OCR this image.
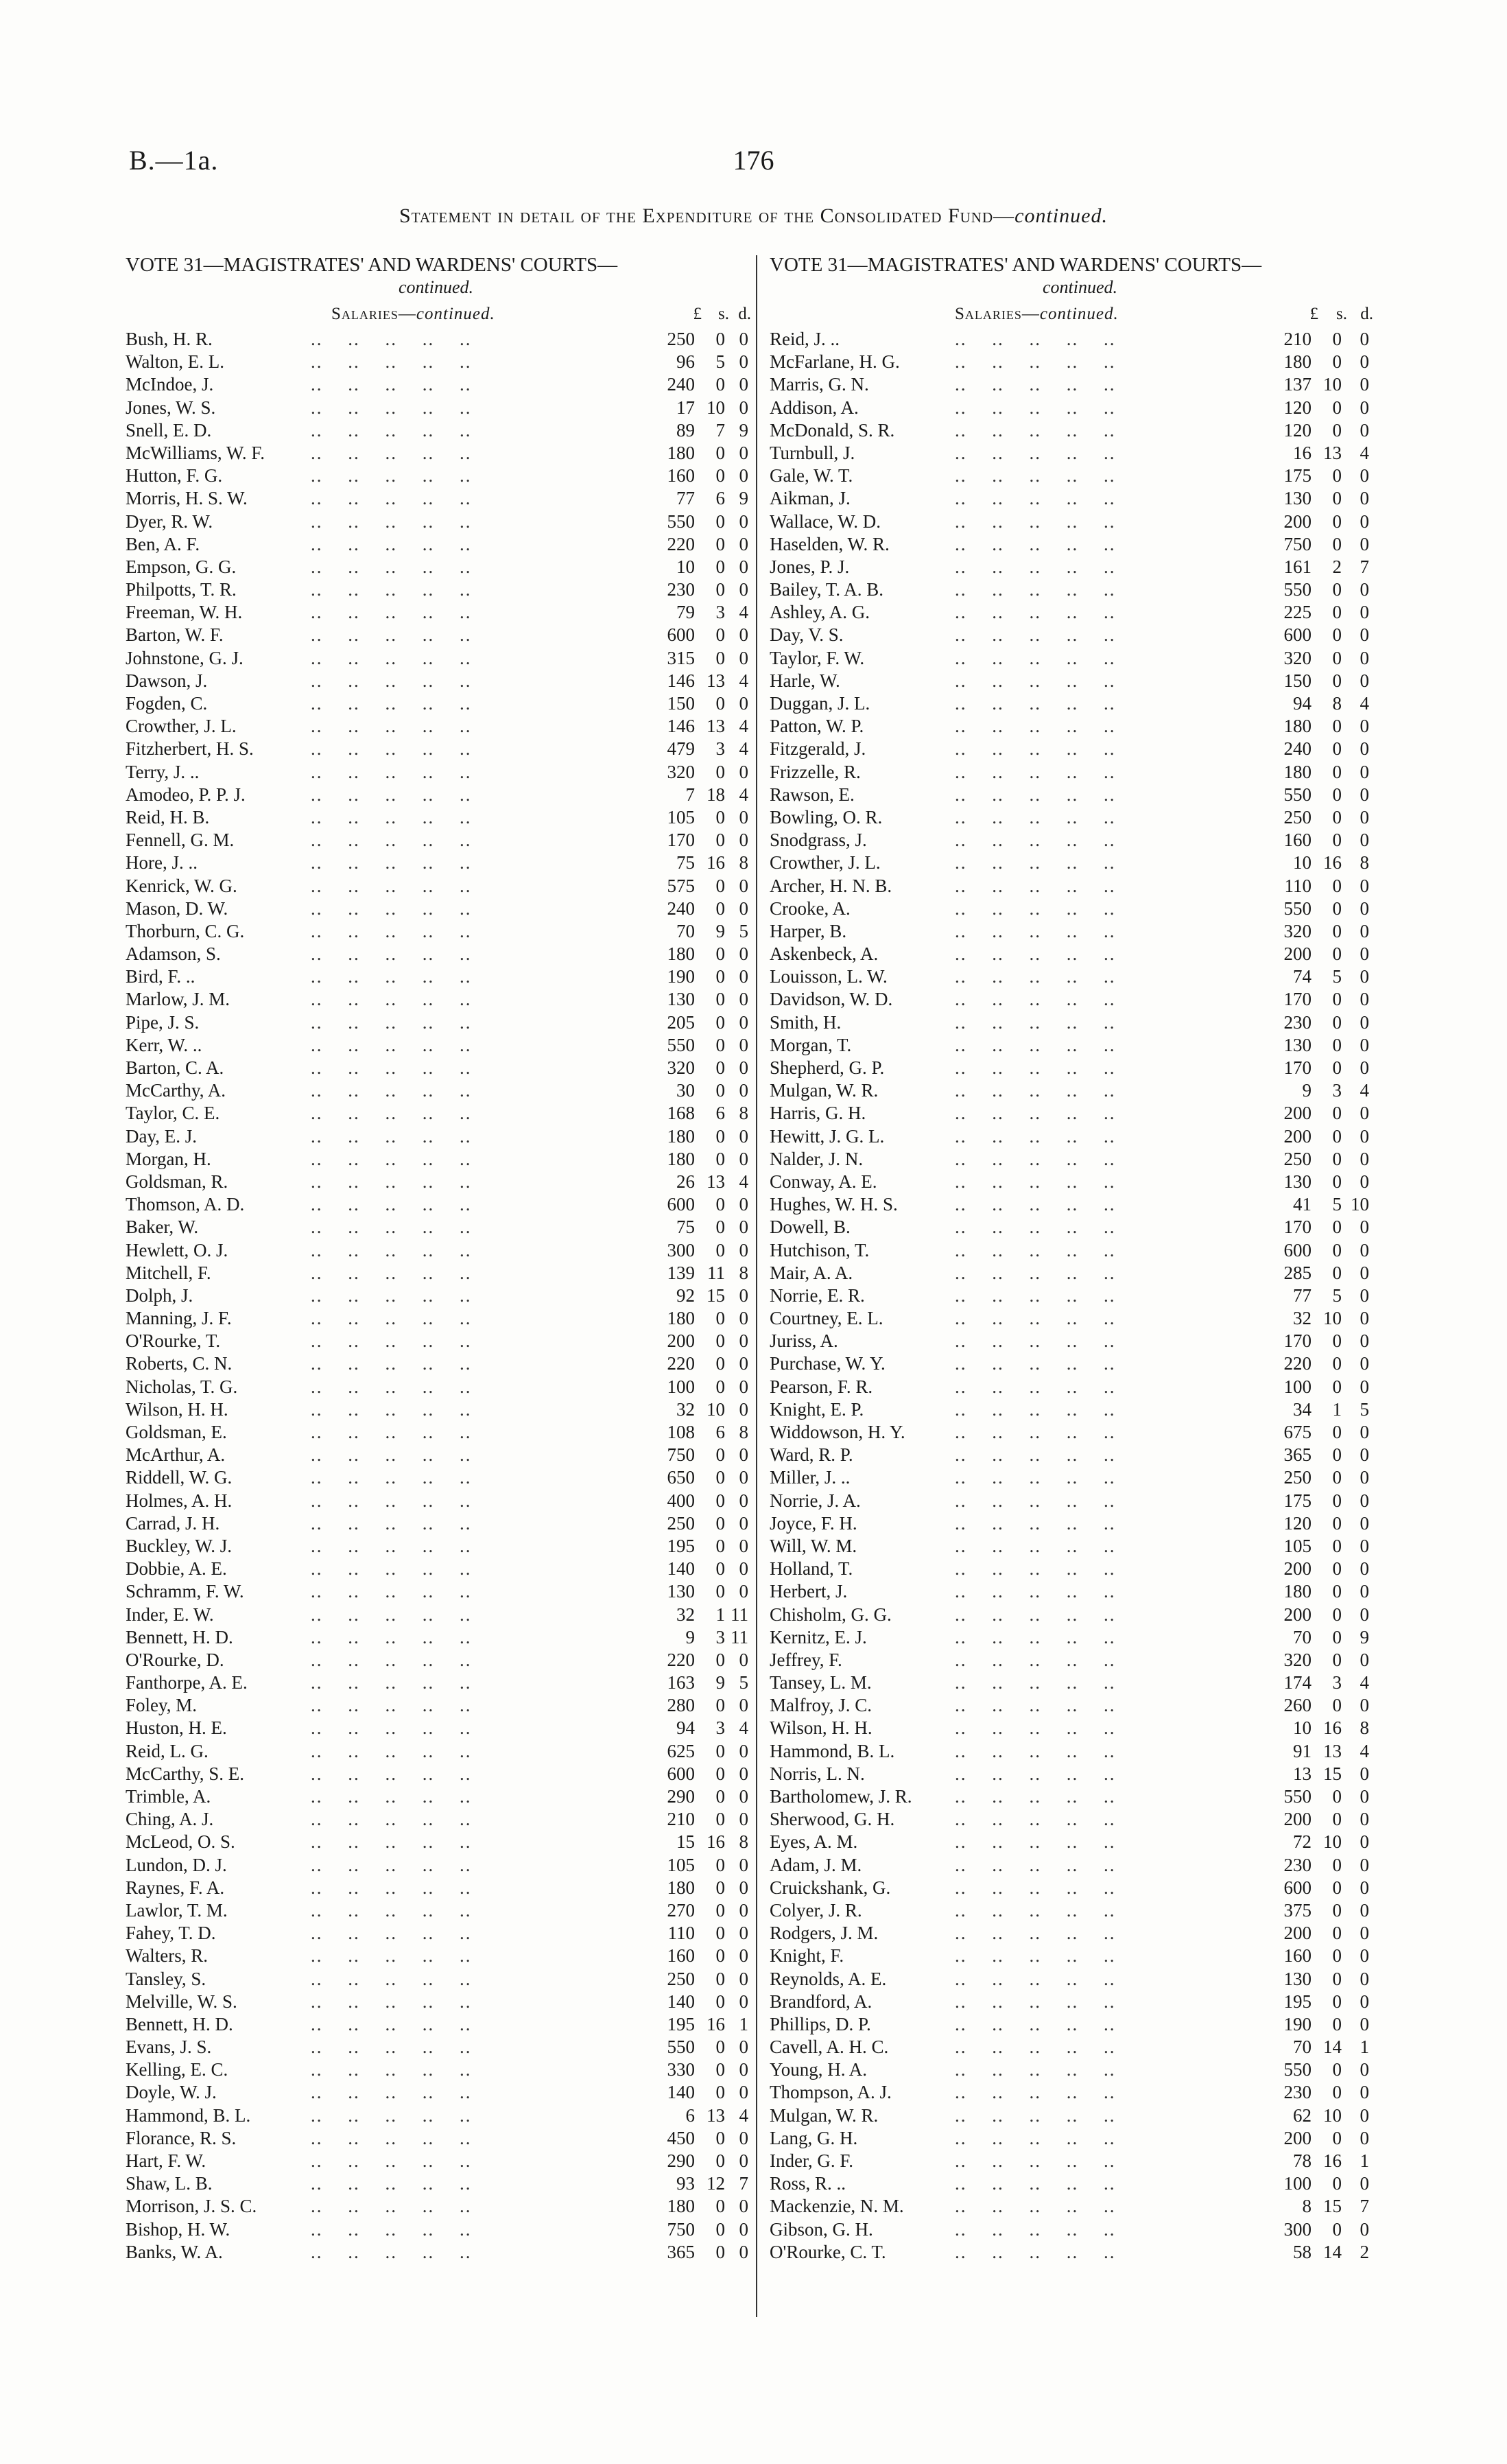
B.—1a.	176
Statement in detail of the Expenditure of the Consolidated Fund—continued.
VOTE 31—MAGISTRATES' AND WARDENS' COURTS—
continued.
Salaries—continued.	£ s. d.
Bush, H. R.	250	0 0
.. .. .. .. ..
Walton, E. L.	96	5 0
.. .. .. .. ..
McIndoe, J.	240	0 0
.. .. .. .. ..
Jones, W. S.	17 10 0
.. .. .. .. ..
Snell, E. D.	89	7 9
.. .. .. .. ..
McWilliams, W. F.	180	0 0
.. .. .. .. ..
Hutton, F. G.	160	0 0
.. .. .. .. ..
Morris, H. S. W.	77	6 9
.. .. .. .. ..
Dyer, R. W.	550	0 0
.. .. .. .. ..
Ben, A. F.	220	0 0
.. .. .. .. ..
Empson, G. G.	10	0 0
.. .. .. .. ..
Philpotts, T. R.	230	0 0
.. .. .. .. ..
Freeman, W. H.	79	3 4
.. .. .. .. ..
Barton, W. F.	600	0 0
.. .. .. .. ..
Johnstone, G. J.	315	0 0
.. .. .. .. ..
Dawson, J.	146 13 4
.. .. .. .. ..
Fogden, C.	150	0 0
.. .. .. .. ..
Crowther, J. L.	146 13 4
.. .. .. .. ..
Fitzherbert, H. S.	479	3 4
.. .. .. .. ..
Terry, J. ..	320	0 0
.. .. .. .. ..
Amodeo, P. P. J.	7 18 4
.. .. .. .. ..
Reid, H. B.	105	0 0
.. .. .. .. ..
Fennell, G. M.	170	0 0
.. .. .. .. ..
Hore, J. ..	75 16 8
.. .. .. .. ..
Kenrick, W. G.	575	0 0
.. .. .. .. ..
Mason, D. W.	240	0 0
.. .. .. .. ..
Thorburn, C. G.	70	9 5
.. .. .. .. ..
Adamson, S.	180	0 0
.. .. .. .. ..
Bird, F. ..	190	0 0
.. .. .. .. ..
Marlow, J. M.	130	0 0
.. .. .. .. ..
Pipe, J. S.	205	0 0
.. .. .. .. ..
Kerr, W. ..	550	0 0
.. .. .. .. ..
Barton, C. A.	320	0 0
.. .. .. .. ..
McCarthy, A.	30	0 0
.. .. .. .. ..
Taylor, C. E.	168	6 8
.. .. .. .. ..
Day, E. J.	180	0 0
.. .. .. .. ..
Morgan, H.	180	0 0
.. .. .. .. ..
Goldsman, R.	26 13 4
.. .. .. .. ..
Thomson, A. D.	600	0 0
.. .. .. .. ..
Baker, W.	75	0 0
.. .. .. .. ..
Hewlett, O. J.	300	0 0
.. .. .. .. ..
Mitchell, F.	139 11 8
.. .. .. .. ..
Dolph, J.	92 15 0
.. .. .. .. ..
Manning, J. F.	180	0 0
.. .. .. .. ..
O'Rourke, T.	200	0 0
.. .. .. .. ..
Roberts, C. N.	220	0 0
.. .. .. .. ..
Nicholas, T. G.	100	0 0
.. .. .. .. ..
Wilson, H. H.	32 10 0
.. .. .. .. ..
Goldsman, E.	108	6 8
.. .. .. .. ..
McArthur, A.	750	0 0
.. .. .. .. ..
Riddell, W. G.	650	0 0
.. .. .. .. ..
Holmes, A. H.	400	0 0
.. .. .. .. ..
Carrad, J. H.	250	0 0
.. .. .. .. ..
Buckley, W. J.	195	0 0
.. .. .. .. ..
Dobbie, A. E.	140	0 0
.. .. .. .. ..
Schramm, F. W.	130	0 0
.. .. .. .. ..
Inder, E. W.	32	1 11
.. .. .. .. ..
Bennett, H. D.	9	3 11
.. .. .. .. ..
O'Rourke, D.	220	0 0
.. .. .. .. ..
Fanthorpe, A. E.	163	9 5
.. .. .. .. ..
Foley, M.	280	0 0
.. .. .. .. ..
Huston, H. E.	94	3 4
.. .. .. .. ..
Reid, L. G.	625	0 0
.. .. .. .. ..
McCarthy, S. E.	600	0 0
.. .. .. .. ..
Trimble, A.	290	0 0
.. .. .. .. ..
Ching, A. J.	210	0 0
.. .. .. .. ..
McLeod, O. S.	15 16 8
.. .. .. .. ..
Lundon, D. J.	105	0 0
.. .. .. .. ..
Raynes, F. A.	180	0 0
.. .. .. .. ..
Lawlor, T. M.	270	0 0
.. .. .. .. ..
Fahey, T. D.	110	0 0
.. .. .. .. ..
Walters, R.	160	0 0
.. .. .. .. ..
Tansley, S.	250	0 0
.. .. .. .. ..
Melville, W. S.	140	0 0
.. .. .. .. ..
Bennett, H. D.	195 16 1
.. .. .. .. ..
Evans, J. S.	550	0 0
.. .. .. .. ..
Kelling, E. C.	330	0 0
.. .. .. .. ..
Doyle, W. J.	140	0 0
.. .. .. .. ..
Hammond, B. L.	6 13 4
.. .. .. .. ..
Florance, R. S.	450	0 0
.. .. .. .. ..
Hart, F. W.	290	0 0
.. .. .. .. ..
Shaw, L. B.	93 12 7
.. .. .. .. ..
Morrison, J. S. C.	180	0 0
.. .. .. .. ..
Bishop, H. W.	750	0 0
.. .. .. .. ..
Banks, W. A.	365	0 0
.. .. .. .. ..
VOTE 31—MAGISTRATES' AND WARDENS' COURTS—
continued.
Salaries—continued.	£	s. d.
Reid, J. ..	210	0 0
.. .. .. .. ..
McFarlane, H. G.	180	0 0
.. .. .. .. ..
Marris, G. N.	137 10 0
.. .. .. .. ..
Addison, A.	120	0 0
.. .. .. .. ..
McDonald, S. R.	120	0 0
.. .. .. .. ..
Turnbull, J.	16 13 4
.. .. .. .. ..
Gale, W. T.	175	0 0
.. .. .. .. ..
Aikman, J.	130	0 0
.. .. .. .. ..
Wallace, W. D.	200	0 0
.. .. .. .. ..
Haselden, W. R.	750	0 0
.. .. .. .. ..
Jones, P. J.	161	2 7
.. .. .. .. ..
Bailey, T. A. B.	550	0 0
.. .. .. .. ..
Ashley, A. G.	225	0 0
.. .. .. .. ..
Day, V. S.	600	0 0
.. .. .. .. ..
Taylor, F. W.	320	0 0
.. .. .. .. ..
Harle, W.	150	0 0
.. .. .. .. ..
Duggan, J. L.	94	8 4
.. .. .. .. ..
Patton, W. P.	180	0 0
.. .. .. .. ..
Fitzgerald, J.	240	0 0
.. .. .. .. ..
Frizzelle, R.	180	0 0
.. .. .. .. ..
Rawson, E.	550	0 0
.. .. .. .. ..
Bowling, O. R.	250	0 0
.. .. .. .. ..
Snodgrass, J.	160	0 0
.. .. .. .. ..
Crowther, J. L.	10 16 8
.. .. .. .. ..
Archer, H. N. B.	110	0 0
.. .. .. .. ..
Crooke, A.	550	0 0
.. .. .. .. ..
Harper, B.	320	0 0
.. .. .. .. ..
Askenbeck, A.	200	0 0
.. .. .. .. ..
Louisson, L. W.	74	5 0
.. .. .. .. ..
Davidson, W. D.	170	0 0
.. .. .. .. ..
Smith, H.	230	0 0
.. .. .. .. ..
Morgan, T.	130	0 0
.. .. .. .. ..
Shepherd, G. P.	170	0 0
.. .. .. .. ..
Mulgan, W. R.	9	3 4
.. .. .. .. ..
Harris, G. H.	200	0 0
.. .. .. .. ..
Hewitt, J. G. L.	200	0 0
.. .. .. .. ..
Nalder, J. N.	250	0 0
.. .. .. .. ..
Conway, A. E.	130	0 0
.. .. .. .. ..
Hughes, W. H. S.	41	5 10
.. .. .. .. ..
Dowell, B.	170	0 0
.. .. .. .. ..
Hutchison, T.	600	0 0
.. .. .. .. ..
Mair, A. A.	285	0 0
.. .. .. .. ..
Norrie, E. R.	77	5 0
.. .. .. .. ..
Courtney, E. L.	32 10 0
.. .. .. .. ..
Juriss, A.	170	0 0
.. .. .. .. ..
Purchase, W. Y.	220	0 0
.. .. .. .. ..
Pearson, F. R.	100	0 0
.. .. .. .. ..
Knight, E. P.	34	1 5
.. .. .. .. ..
Widdowson, H. Y.	675	0 0
.. .. .. .. ..
Ward, R. P.	365	0 0
.. .. .. .. ..
Miller, J. ..	250	0 0
.. .. .. .. ..
Norrie, J. A.	175	0 0
.. .. .. .. ..
Joyce, F. H.	120	0 0
.. .. .. .. ..
Will, W. M.	105	0 0
.. .. .. .. ..
Holland, T.	200	0 0
.. .. .. .. ..
Herbert, J.	180	0 0
.. .. .. .. ..
Chisholm, G. G.	200	0 0
.. .. .. .. ..
Kernitz, E. J.	70	0 9
.. .. .. .. ..
Jeffrey, F.	320	0 0
.. .. .. .. ..
Tansey, L. M.	174	3 4
.. .. .. .. ..
Malfroy, J. C.	260	0 0
.. .. .. .. ..
Wilson, H. H.	10 16 8
.. .. .. .. ..
Hammond, B. L.	91 13 4
.. .. .. .. ..
Norris, L. N.	13 15 0
.. .. .. .. ..
Bartholomew, J. R.	550	0 0
.. .. .. .. ..
Sherwood, G. H.	200	0 0
.. .. .. .. ..
Eyes, A. M.	72 10 0
.. .. .. .. ..
Adam, J. M.	230	0 0
.. .. .. .. ..
Cruickshank, G.	600	0 0
.. .. .. .. ..
Colyer, J. R.	375	0 0
.. .. .. .. ..
Rodgers, J. M.	200	0 0
.. .. .. .. ..
Knight, F.	160	0 0
.. .. .. .. ..
Reynolds, A. E.	130	0 0
.. .. .. .. ..
Brandford, A.	195	0 0
.. .. .. .. ..
Phillips, D. P.	190	0 0
.. .. .. .. ..
Cavell, A. H. C.	70 14 1
.. .. .. .. ..
Young, H. A.	550	0 0
.. .. .. .. ..
Thompson, A. J.	230	0 0
.. .. .. .. ..
Mulgan, W. R.	62 10 0
.. .. .. .. ..
Lang, G. H.	200	0 0
.. .. .. .. ..
Inder, G. F.	78 16 1
.. .. .. .. ..
Ross, R. ..	100	0 0
.. .. .. .. ..
Mackenzie, N. M.	8 15 7
.. .. .. .. ..
Gibson, G. H.	300	0 0
.. .. .. .. ..
O'Rourke, C. T.	58 14 2
.. .. .. .. ..
